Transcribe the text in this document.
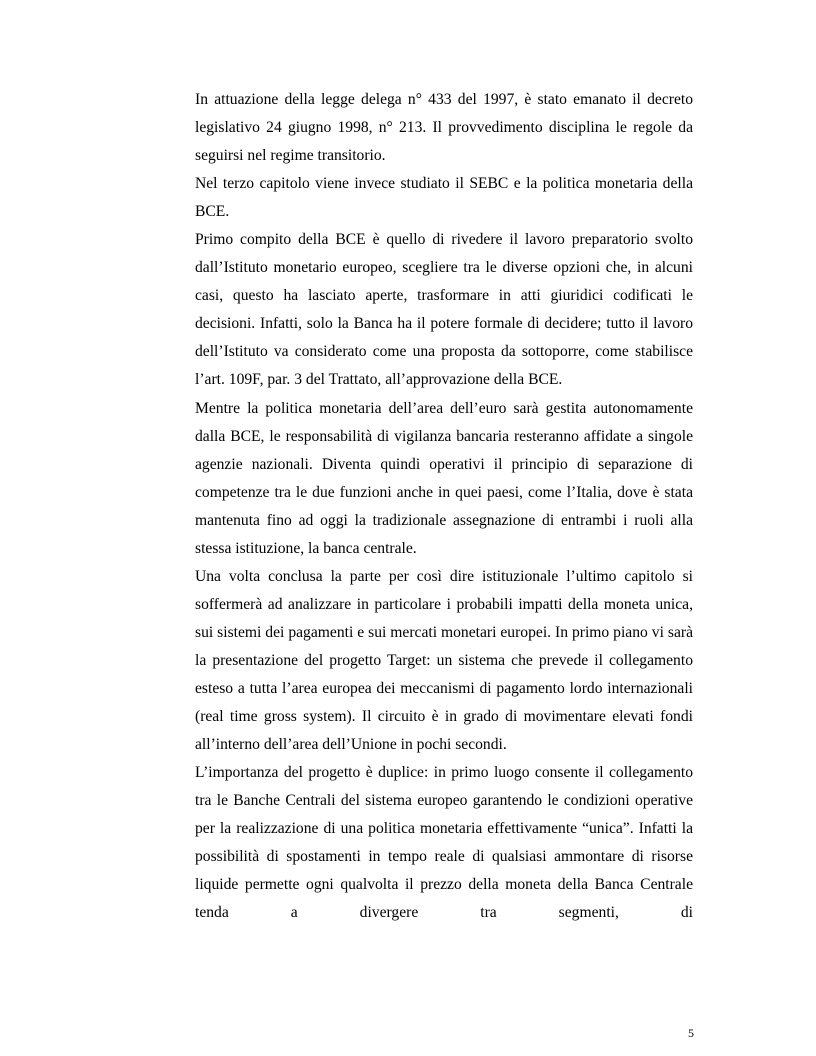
In attuazione della legge delega n° 433 del 1997, è stato emanato il decreto legislativo 24 giugno 1998, n° 213. Il provvedimento disciplina le regole da seguirsi nel regime transitorio.

Nel terzo capitolo viene invece studiato il SEBC e la politica monetaria della BCE.

Primo compito della BCE è quello di rivedere il lavoro preparatorio svolto dall’Istituto monetario europeo, scegliere tra le diverse opzioni che, in alcuni casi, questo ha lasciato aperte, trasformare in atti giuridici codificati le decisioni. Infatti, solo la Banca ha il potere formale di decidere; tutto il lavoro dell’Istituto va considerato come una proposta da sottoporre, come stabilisce l’art. 109F, par. 3 del Trattato, all’approvazione della BCE.

Mentre la politica monetaria dell’area dell’euro sarà gestita autonomamente dalla BCE, le responsabilità di vigilanza bancaria resteranno affidate a singole agenzie nazionali. Diventa quindi operativi il principio di separazione di competenze tra le due funzioni anche in quei paesi, come l’Italia, dove è stata mantenuta fino ad oggi la tradizionale assegnazione di entrambi i ruoli alla stessa istituzione, la banca centrale.

Una volta conclusa la parte per così dire istituzionale l’ultimo capitolo si soffermerà ad analizzare in particolare i probabili impatti della moneta unica, sui sistemi dei pagamenti e sui mercati monetari europei. In primo piano vi sarà la presentazione del progetto Target: un sistema che prevede il collegamento esteso a tutta l’area europea dei meccanismi di pagamento lordo internazionali (real time gross system). Il circuito è in grado di movimentare elevati fondi all’interno dell’area dell’Unione in pochi secondi.

L’importanza del progetto è duplice: in primo luogo consente il collegamento tra le Banche Centrali del sistema europeo garantendo le condizioni operative per la realizzazione di una politica monetaria effettivamente “unica”. Infatti la possibilità di spostamenti in tempo reale di qualsiasi ammontare di risorse liquide permette ogni qualvolta il prezzo della moneta della Banca Centrale tenda a divergere tra segmenti, di

5
